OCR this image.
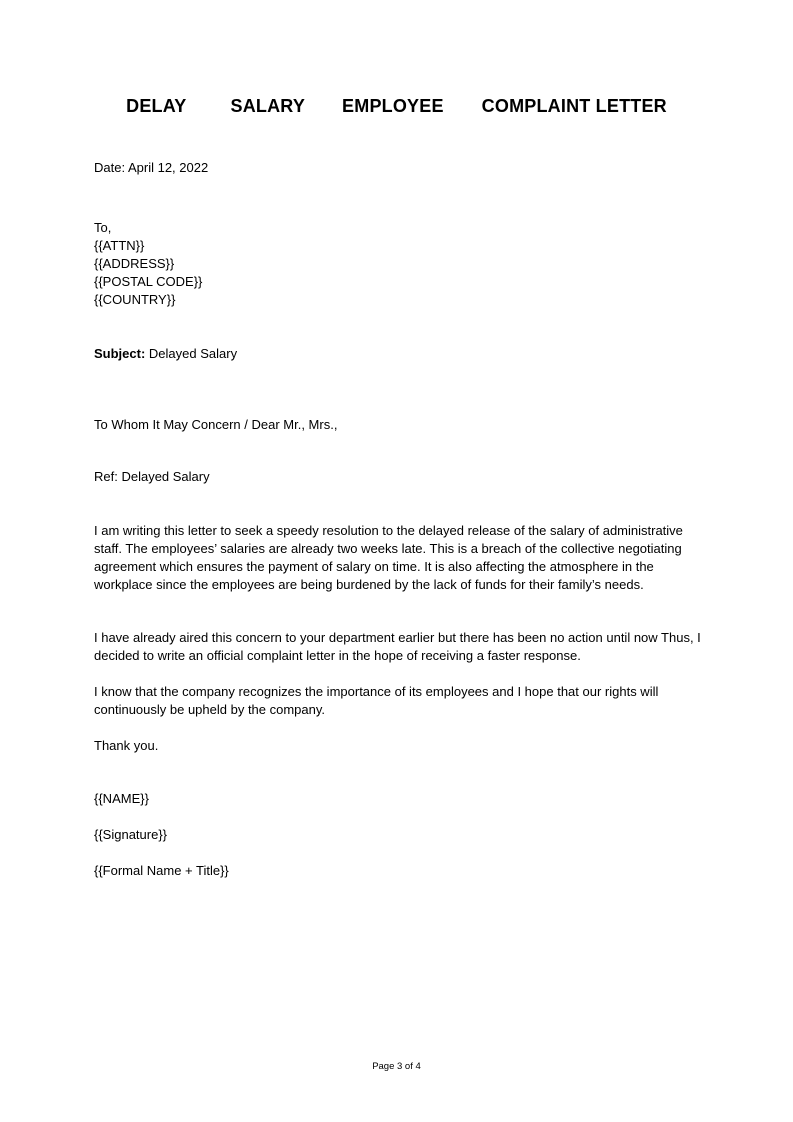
DELAY SALARY EMPLOYEE COMPLAINT LETTER
Date: April 12, 2022
To,
{{ATTN}}
{{ADDRESS}}
{{POSTAL CODE}}
{{COUNTRY}}
Subject: Delayed Salary
To Whom It May Concern / Dear Mr., Mrs.,
Ref: Delayed Salary
I am writing this letter to seek a speedy resolution to the delayed release of the salary of administrative staff. The employees’ salaries are already two weeks late. This is a breach of the collective negotiating agreement which ensures the payment of salary on time. It is also affecting the atmosphere in the workplace since the employees are being burdened by the lack of funds for their family’s needs.
I have already aired this concern to your department earlier but there has been no action until now Thus, I decided to write an official complaint letter in the hope of receiving a faster response.
I know that the company recognizes the importance of its employees and I hope that our rights will continuously be upheld by the company.
Thank you.
{{NAME}}
{{Signature}}
{{Formal Name + Title}}
Page 3 of 4
